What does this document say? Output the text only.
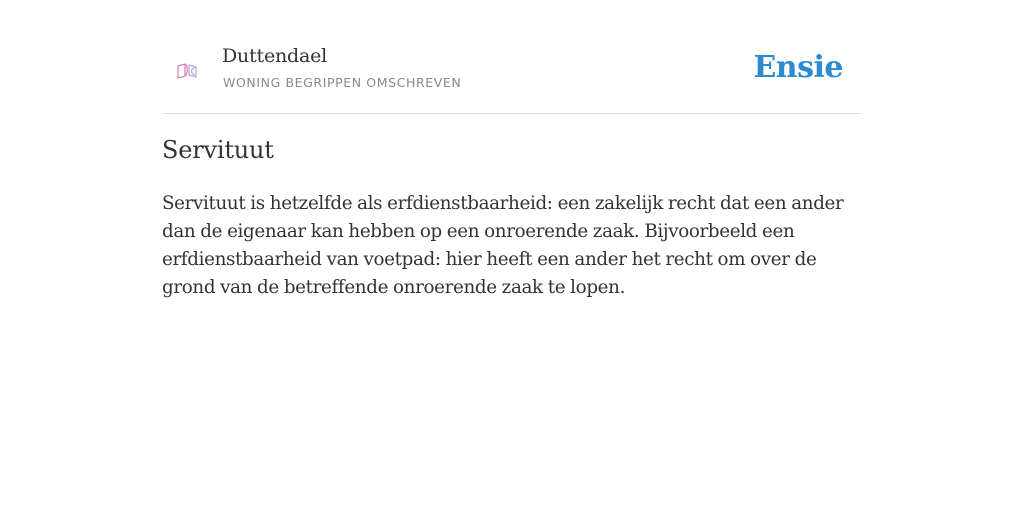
Duttendael
WONING BEGRIPPEN OMSCHREVEN	Ensie
Servituut

Servituut is hetzelfde als erfdienstbaarheid: een zakelijk recht dat een ander dan de eigenaar kan hebben op een onroerende zaak. Bijvoorbeeld een erfdienstbaarheid van voetpad: hier heeft een ander het recht om over de grond van de betreffende onroerende zaak te lopen.
